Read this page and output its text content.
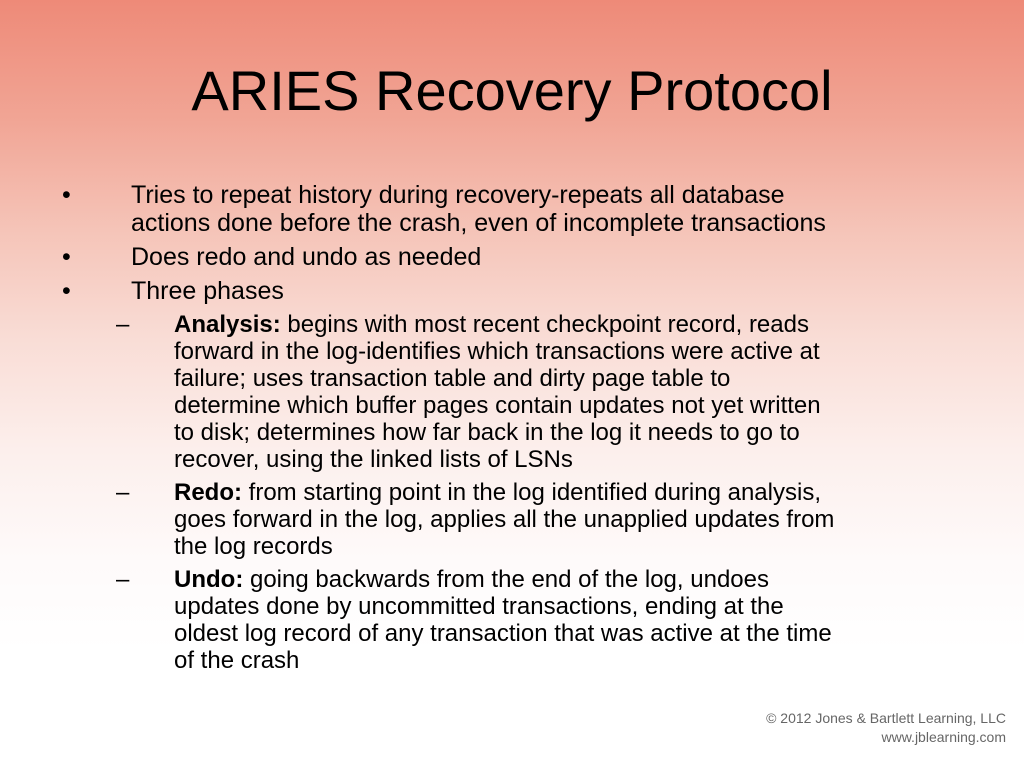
ARIES Recovery Protocol
• Tries to repeat history during recovery-repeats all database
actions done before the crash, even of incomplete transactions
• Does redo and undo as needed
• Three phases
– Analysis: begins with most recent checkpoint record, reads
forward in the log-identifies which transactions were active at
failure; uses transaction table and dirty page table to
determine which buffer pages contain updates not yet written
to disk; determines how far back in the log it needs to go to
recover, using the linked lists of LSNs
– Redo: from starting point in the log identified during analysis,
goes forward in the log, applies all the unapplied updates from
the log records
– Undo: going backwards from the end of the log, undoes
updates done by uncommitted transactions, ending at the
oldest log record of any transaction that was active at the time
of the crash
© 2012 Jones & Bartlett Learning, LLC
www.jblearning.com
